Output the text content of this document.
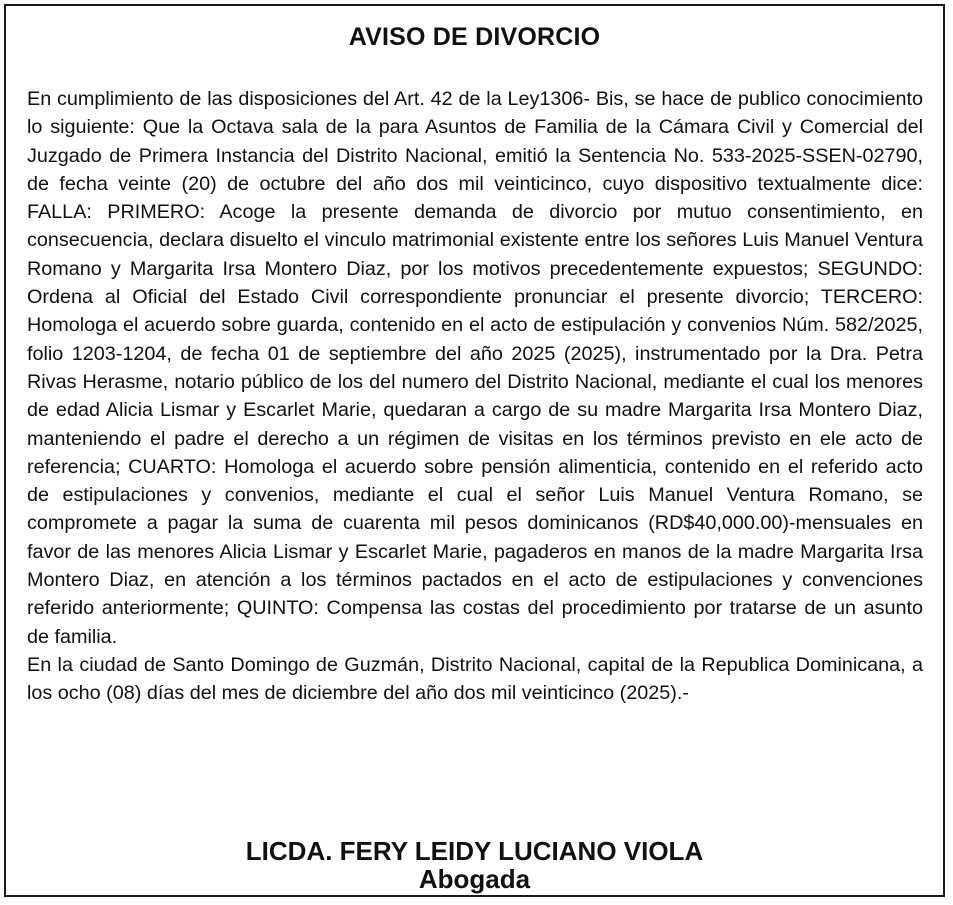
AVISO DE DIVORCIO

En cumplimiento de las disposiciones del Art. 42 de la Ley1306- Bis, se hace de publico conocimiento lo siguiente: Que la Octava sala de la para Asuntos de Familia de la Cámara Civil y Comercial del Juzgado de Primera Instancia del Distrito Nacional, emitió la Sentencia No. 533-2025-SSEN-02790, de fecha veinte (20) de octubre del año dos mil veinticinco, cuyo dispositivo textualmente dice: FALLA: PRIMERO: Acoge la presente demanda de divorcio por mutuo consentimiento, en consecuencia, declara disuelto el vinculo matrimonial existente entre los señores Luis Manuel Ventura Romano y Margarita Irsa Montero Diaz, por los motivos precedentemente expuestos; SEGUNDO: Ordena al Oficial del Estado Civil correspondiente pronunciar el presente divorcio; TERCERO: Homologa el acuerdo sobre guarda, contenido en el acto de estipulación y convenios Núm. 582/2025, folio 1203-1204, de fecha 01 de septiembre del año 2025 (2025), instrumentado por la Dra. Petra Rivas Herasme, notario público de los del numero del Distrito Nacional, mediante el cual los menores de edad Alicia Lismar y Escarlet Marie, quedaran a cargo de su madre Margarita Irsa Montero Diaz, manteniendo el padre el derecho a un régimen de visitas en los términos previsto en ele acto de referencia; CUARTO: Homologa el acuerdo sobre pensión alimenticia, contenido en el referido acto de estipulaciones y convenios, mediante el cual el señor Luis Manuel Ventura Romano, se compromete a pagar la suma de cuarenta mil pesos dominicanos (RD$40,000.00)-mensuales en favor de las menores Alicia Lismar y Escarlet Marie, pagaderos en manos de la madre Margarita Irsa Montero Diaz, en atención a los términos pactados en el acto de estipulaciones y convenciones referido anteriormente; QUINTO: Compensa las costas del procedimiento por tratarse de un asunto de familia.

En la ciudad de Santo Domingo de Guzmán, Distrito Nacional, capital de la Republica Dominicana, a los ocho (08) días del mes de diciembre del año dos mil veinticinco (2025).-

LICDA. FERY LEIDY LUCIANO VIOLA
Abogada
